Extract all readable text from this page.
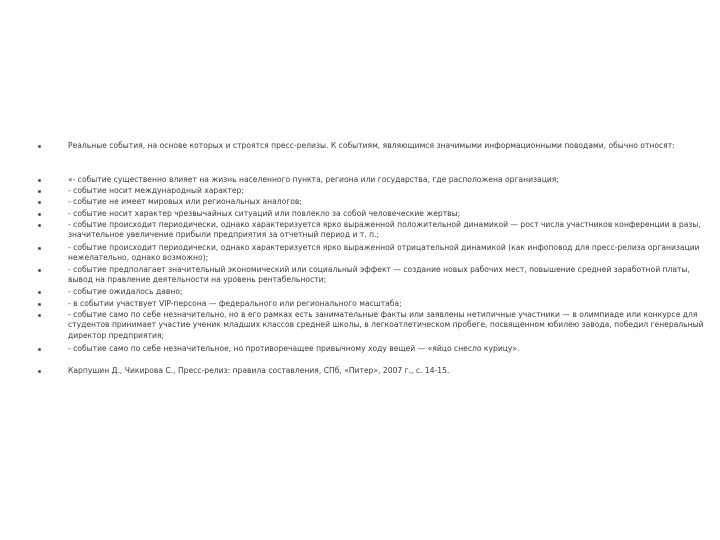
Реальные события, на основе которых и строятся пресс-релизы. К событиям, являющимся значимыми информационными поводами, обычно относят:
«- событие существенно влияет на жизнь населенного пункта, региона или государства, где расположена организация;
- событие носит международный характер;
- событие не имеет мировых или региональных аналогов;
- событие носит характер чрезвычайных ситуаций или повлекло за собой человеческие жертвы;
- событие происходит периодически, однако характеризуется ярко выраженной положительной динамикой — рост числа участников конференции в разы, значительное увеличение прибыли предприятия за отчетный период и т. п.;
- событие происходит периодически, однако характеризуется ярко выраженной отрицательной динамикой (как инфоповод для пресс-релиза организации нежелательно, однако возможно);
- событие предполагает значительный экономический или социальный эффект — создание новых рабочих мест, повышение средней заработной платы, вывод на правление деятельности на уровень рентабельности;
- событие ожидалось давно;
- в событии участвует VIP-персона — федерального или регионального масштаба;
- событие само по себе незначительно, но в его рамках есть занимательные факты или заявлены нетипичные участники — в олимпиаде или конкурсе для студентов принимает участие ученик младших классов средней школы, в легкоатлетическом пробеге, посвященном юбилею завода, победил генеральный директор предприятия;
- событие само по себе незначительное, но противоречащее привычному ходу вещей — «яйцо снесло курицу».
Карпушин Д., Чикирова С., Пресс-релиз: правила составления, СПб, «Питер», 2007 г., с. 14-15.
